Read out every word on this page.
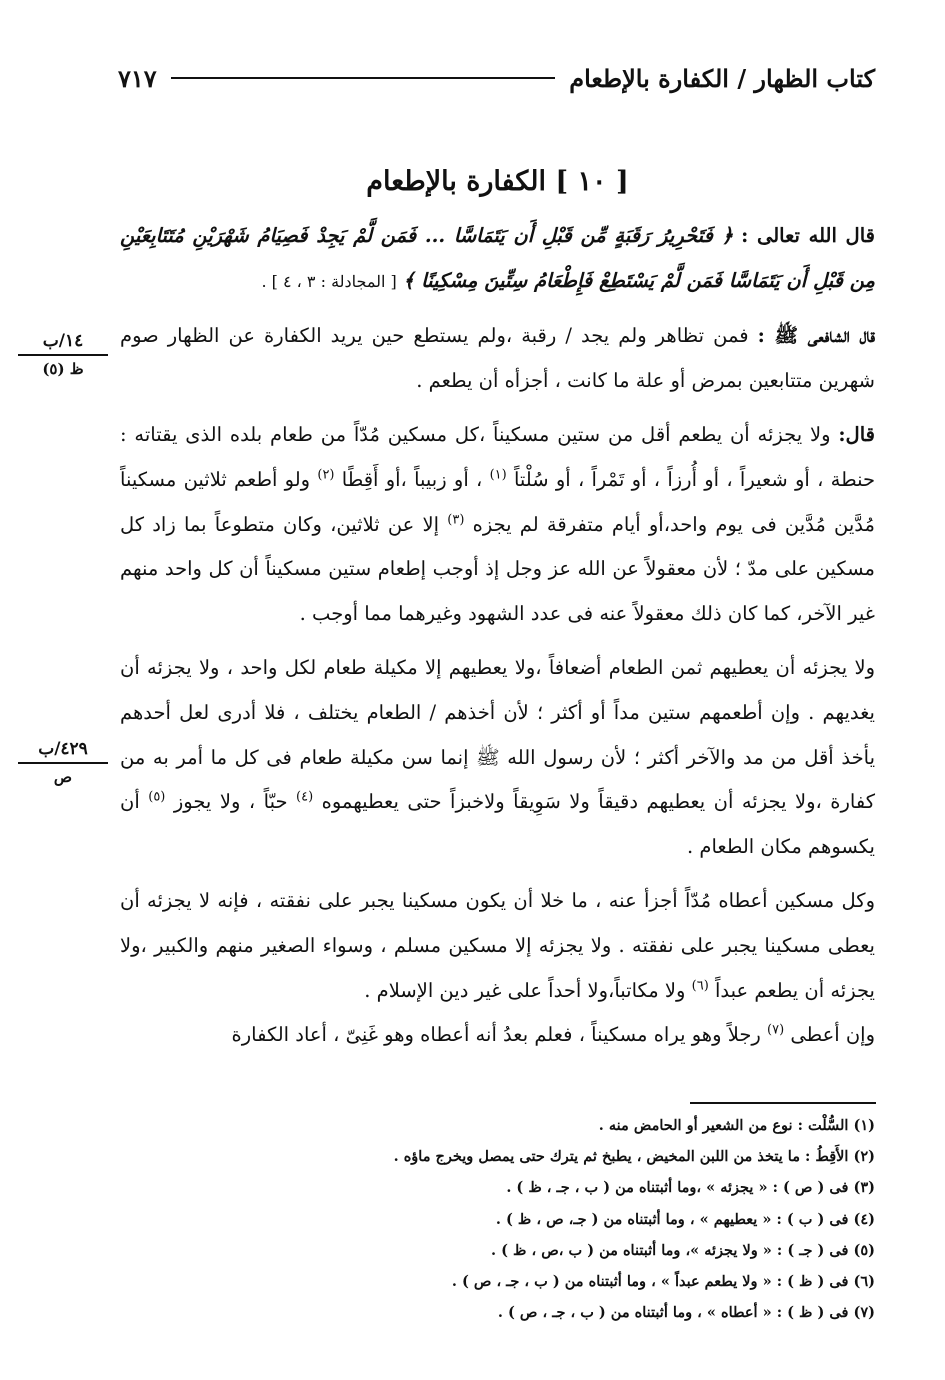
كتاب الظهار / الكفارة بالإطعام
٧١٧
[ ١٠ ] الكفارة بالإطعام

قال الله تعالى : ﴿ فَتَحْرِيرُ رَقَبَةٍ مِّن قَبْلِ أَن يَتَمَاسَّا ... فَمَن لَّمْ يَجِدْ فَصِيَامُ شَهْرَيْنِ مُتَتَابِعَيْنِ مِن قَبْلِ أَن يَتَمَاسَّا فَمَن لَّمْ يَسْتَطِعْ فَإِطْعَامُ سِتِّينَ مِسْكِينًا ﴾ [ المجادلة : ٣ ، ٤ ] .

قال الشافعى ﷺ : فمن تظاهر ولم يجد / رقبة ،ولم يستطع حين يريد الكفارة عن الظهار صوم شهرين متتابعين بمرض أو علة ما كانت ، أجزأه أن يطعم .

قال: ولا يجزئه أن يطعم أقل من ستين مسكيناً ،كل مسكين مُدّاً من طعام بلده الذى يقتاته : حنطة ، أو شعيراً ، أو أُرزاً ، أو تَمْراً ، أو سُلْتاً $^{(١)}$ ، أو زبيباً ،أو أَقِطًا $^{(٢)}$ ولو أطعم ثلاثين مسكيناً مُدَّين مُدَّين فى يوم واحد،أو أيام متفرقة لم يجزه $^{(٣)}$ إلا عن ثلاثين، وكان متطوعاً بما زاد كل مسكين على مدّ ؛ لأن معقولاً عن الله عز وجل إذ أوجب إطعام ستين مسكيناً أن كل واحد منهم غير الآخر، كما كان ذلك معقولاً عنه فى عدد الشهود وغيرهما مما أوجب .

ولا يجزئه أن يعطيهم ثمن الطعام أضعافاً ،ولا يعطيهم إلا مكيلة طعام لكل واحد ، ولا يجزئه أن يغديهم . وإن أطعمهم ستين مداً أو أكثر ؛ لأن أخذهم / الطعام يختلف ، فلا أدرى لعل أحدهم يأخذ أقل من مد والآخر أكثر ؛ لأن رسول الله ﷺ إنما سن مكيلة طعام فى كل ما أمر به من كفارة ،ولا يجزئه أن يعطيهم دقيقاً ولا سَوِيقاً ولاخبزاً حتى يعطيهموه $^{(٤)}$ حبّاً ، ولا يجوز $^{(٥)}$ أن يكسوهم مكان الطعام .

وكل مسكين أعطاه مُدّاً أجزأ عنه ، ما خلا أن يكون مسكينا يجبر على نفقته ، فإنه لا يجزئه أن يعطى مسكينا يجبر على نفقته . ولا يجزئه إلا مسكين مسلم ، وسواء الصغير منهم والكبير ،ولا يجزئه أن يطعم عبداً $^{(٦)}$ ولا مكاتباً،ولا أحداً على غير دين الإسلام .

وإن أعطى $^{(٧)}$ رجلاً وهو يراه مسكيناً ، فعلم بعدُ أنه أعطاه وهو غَنِىّ ، أعاد الكفارة

١٤/ب
ظ (٥)
٤٢٩/ب
ص
(١) السُّلْت : نوع من الشعير أو الحامض منه .
(٢) الأَقِطُ : ما يتخذ من اللبن المخيض ، يطبخ ثم يترك حتى يمصل ويخرج ماؤه .
(٣) فى ( ص ) : « يجزئه » ،وما أثبتناه من ( ب ، جـ ، ظ ) .
(٤) فى ( ب ) : « يعطيهم » ، وما أثبتناه من ( جـ، ص ، ظ ) .
(٥) فى ( جـ ) : « ولا يجزئه »، وما أثبتناه من ( ب ،ص ، ظ ) .
(٦) فى ( ظ ) : « ولا يطعم عبداً » ، وما أثبتناه من ( ب ، جـ ، ص ) .
(٧) فى ( ظ ) : « أعطاه » ، وما أثبتناه من ( ب ، جـ ، ص ) .
